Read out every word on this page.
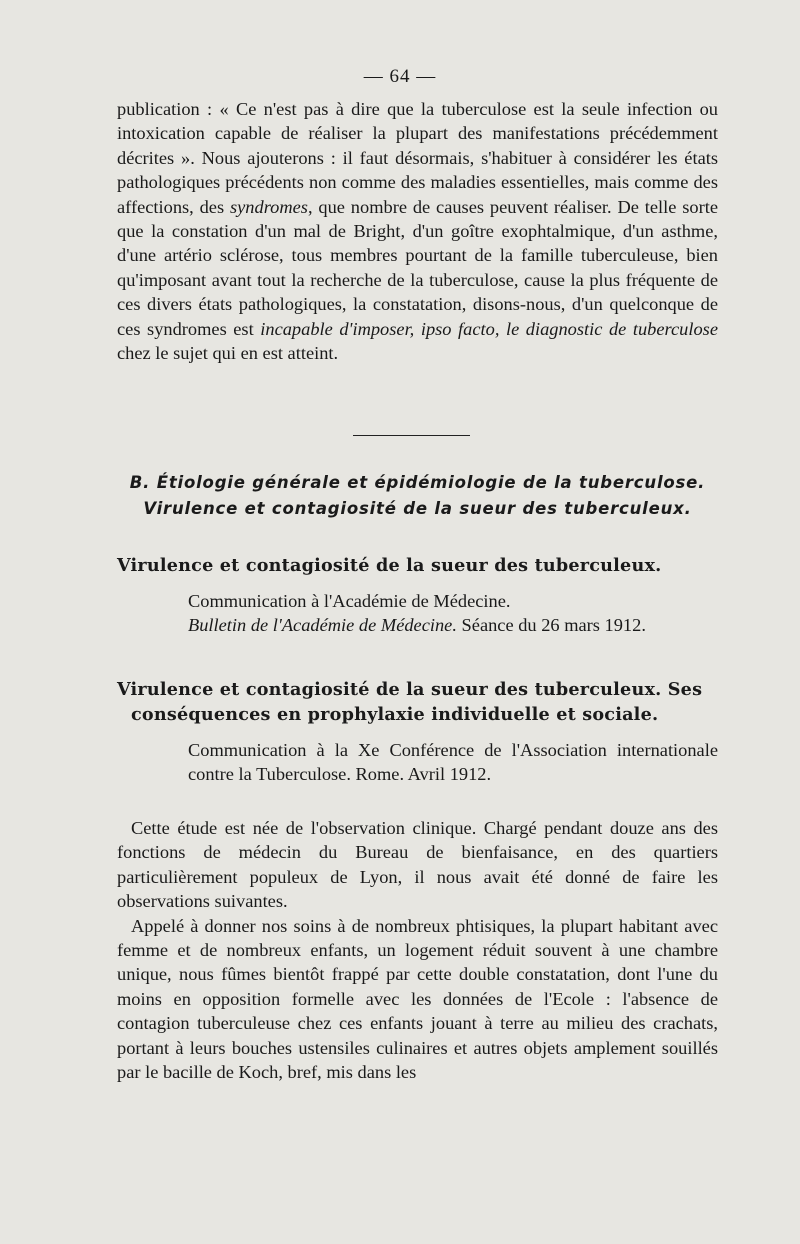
— 64 —

publication : « Ce n'est pas à dire que la tuberculose est la seule infection ou intoxication capable de réaliser la plupart des manifestations précédemment décrites ». Nous ajouterons : il faut désormais, s'habituer à considérer les états pathologiques précédents non comme des maladies essentielles, mais comme des affections, des syndromes, que nombre de causes peuvent réaliser. De telle sorte que la constation d'un mal de Bright, d'un goître exophtalmique, d'un asthme, d'une artério sclérose, tous membres pourtant de la famille tuberculeuse, bien qu'imposant avant tout la recherche de la tuberculose, cause la plus fréquente de ces divers états pathologiques, la constatation, disons-nous, d'un quelconque de ces syndromes est incapable d'imposer, ipso facto, le diagnostic de tuberculose chez le sujet qui en est atteint.

B. Étiologie générale et épidémiologie de la tuberculose.
Virulence et contagiosité de la sueur des tuberculeux.

Virulence et contagiosité de la sueur des tuberculeux.

Communication à l'Académie de Médecine.

Bulletin de l'Académie de Médecine. Séance du 26 mars 1912.

Virulence et contagiosité de la sueur des tuberculeux. Ses
conséquences en prophylaxie individuelle et sociale.

Communication à la Xe Conférence de l'Association internationale contre la Tuberculose. Rome. Avril 1912.

Cette étude est née de l'observation clinique. Chargé pendant douze ans des fonctions de médecin du Bureau de bienfaisance, en des quartiers particulièrement populeux de Lyon, il nous avait été donné de faire les observations suivantes.

Appelé à donner nos soins à de nombreux phtisiques, la plupart habitant avec femme et de nombreux enfants, un logement réduit souvent à une chambre unique, nous fûmes bientôt frappé par cette double constatation, dont l'une du moins en opposition formelle avec les données de l'Ecole : l'absence de contagion tuberculeuse chez ces enfants jouant à terre au milieu des crachats, portant à leurs bouches ustensiles culinaires et autres objets amplement souillés par le bacille de Koch, bref, mis dans les
